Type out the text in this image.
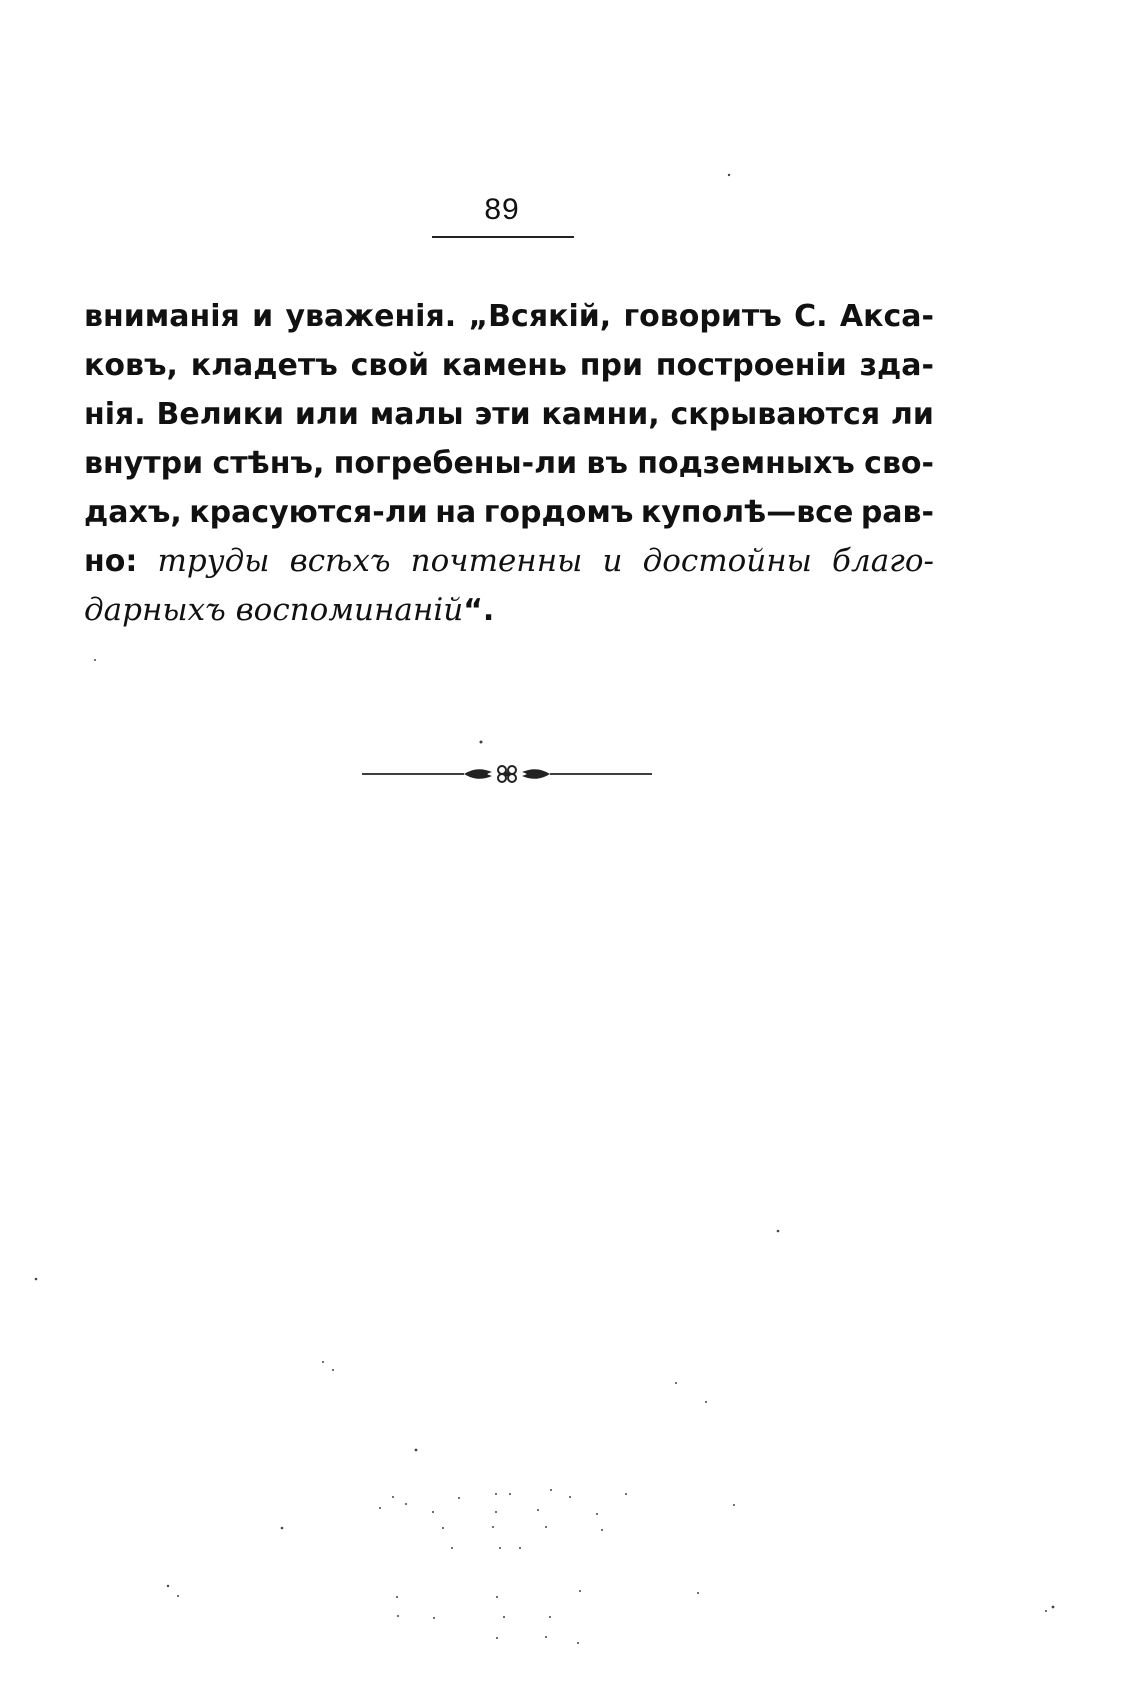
89
вниманія и уваженія. „Всякій, говоритъ С. Акса-
ковъ, кладетъ свой камень при построеніи зда-
нія. Велики или малы эти камни, скрываются ли
внутри стѣнъ, погребены-ли въ подземныхъ сво-
дахъ, красуются-ли на гордомъ куполѣ—все рав-
но: труды всѣхъ почтенны и достойны благо-
дарныхъ воспоминаній “.
